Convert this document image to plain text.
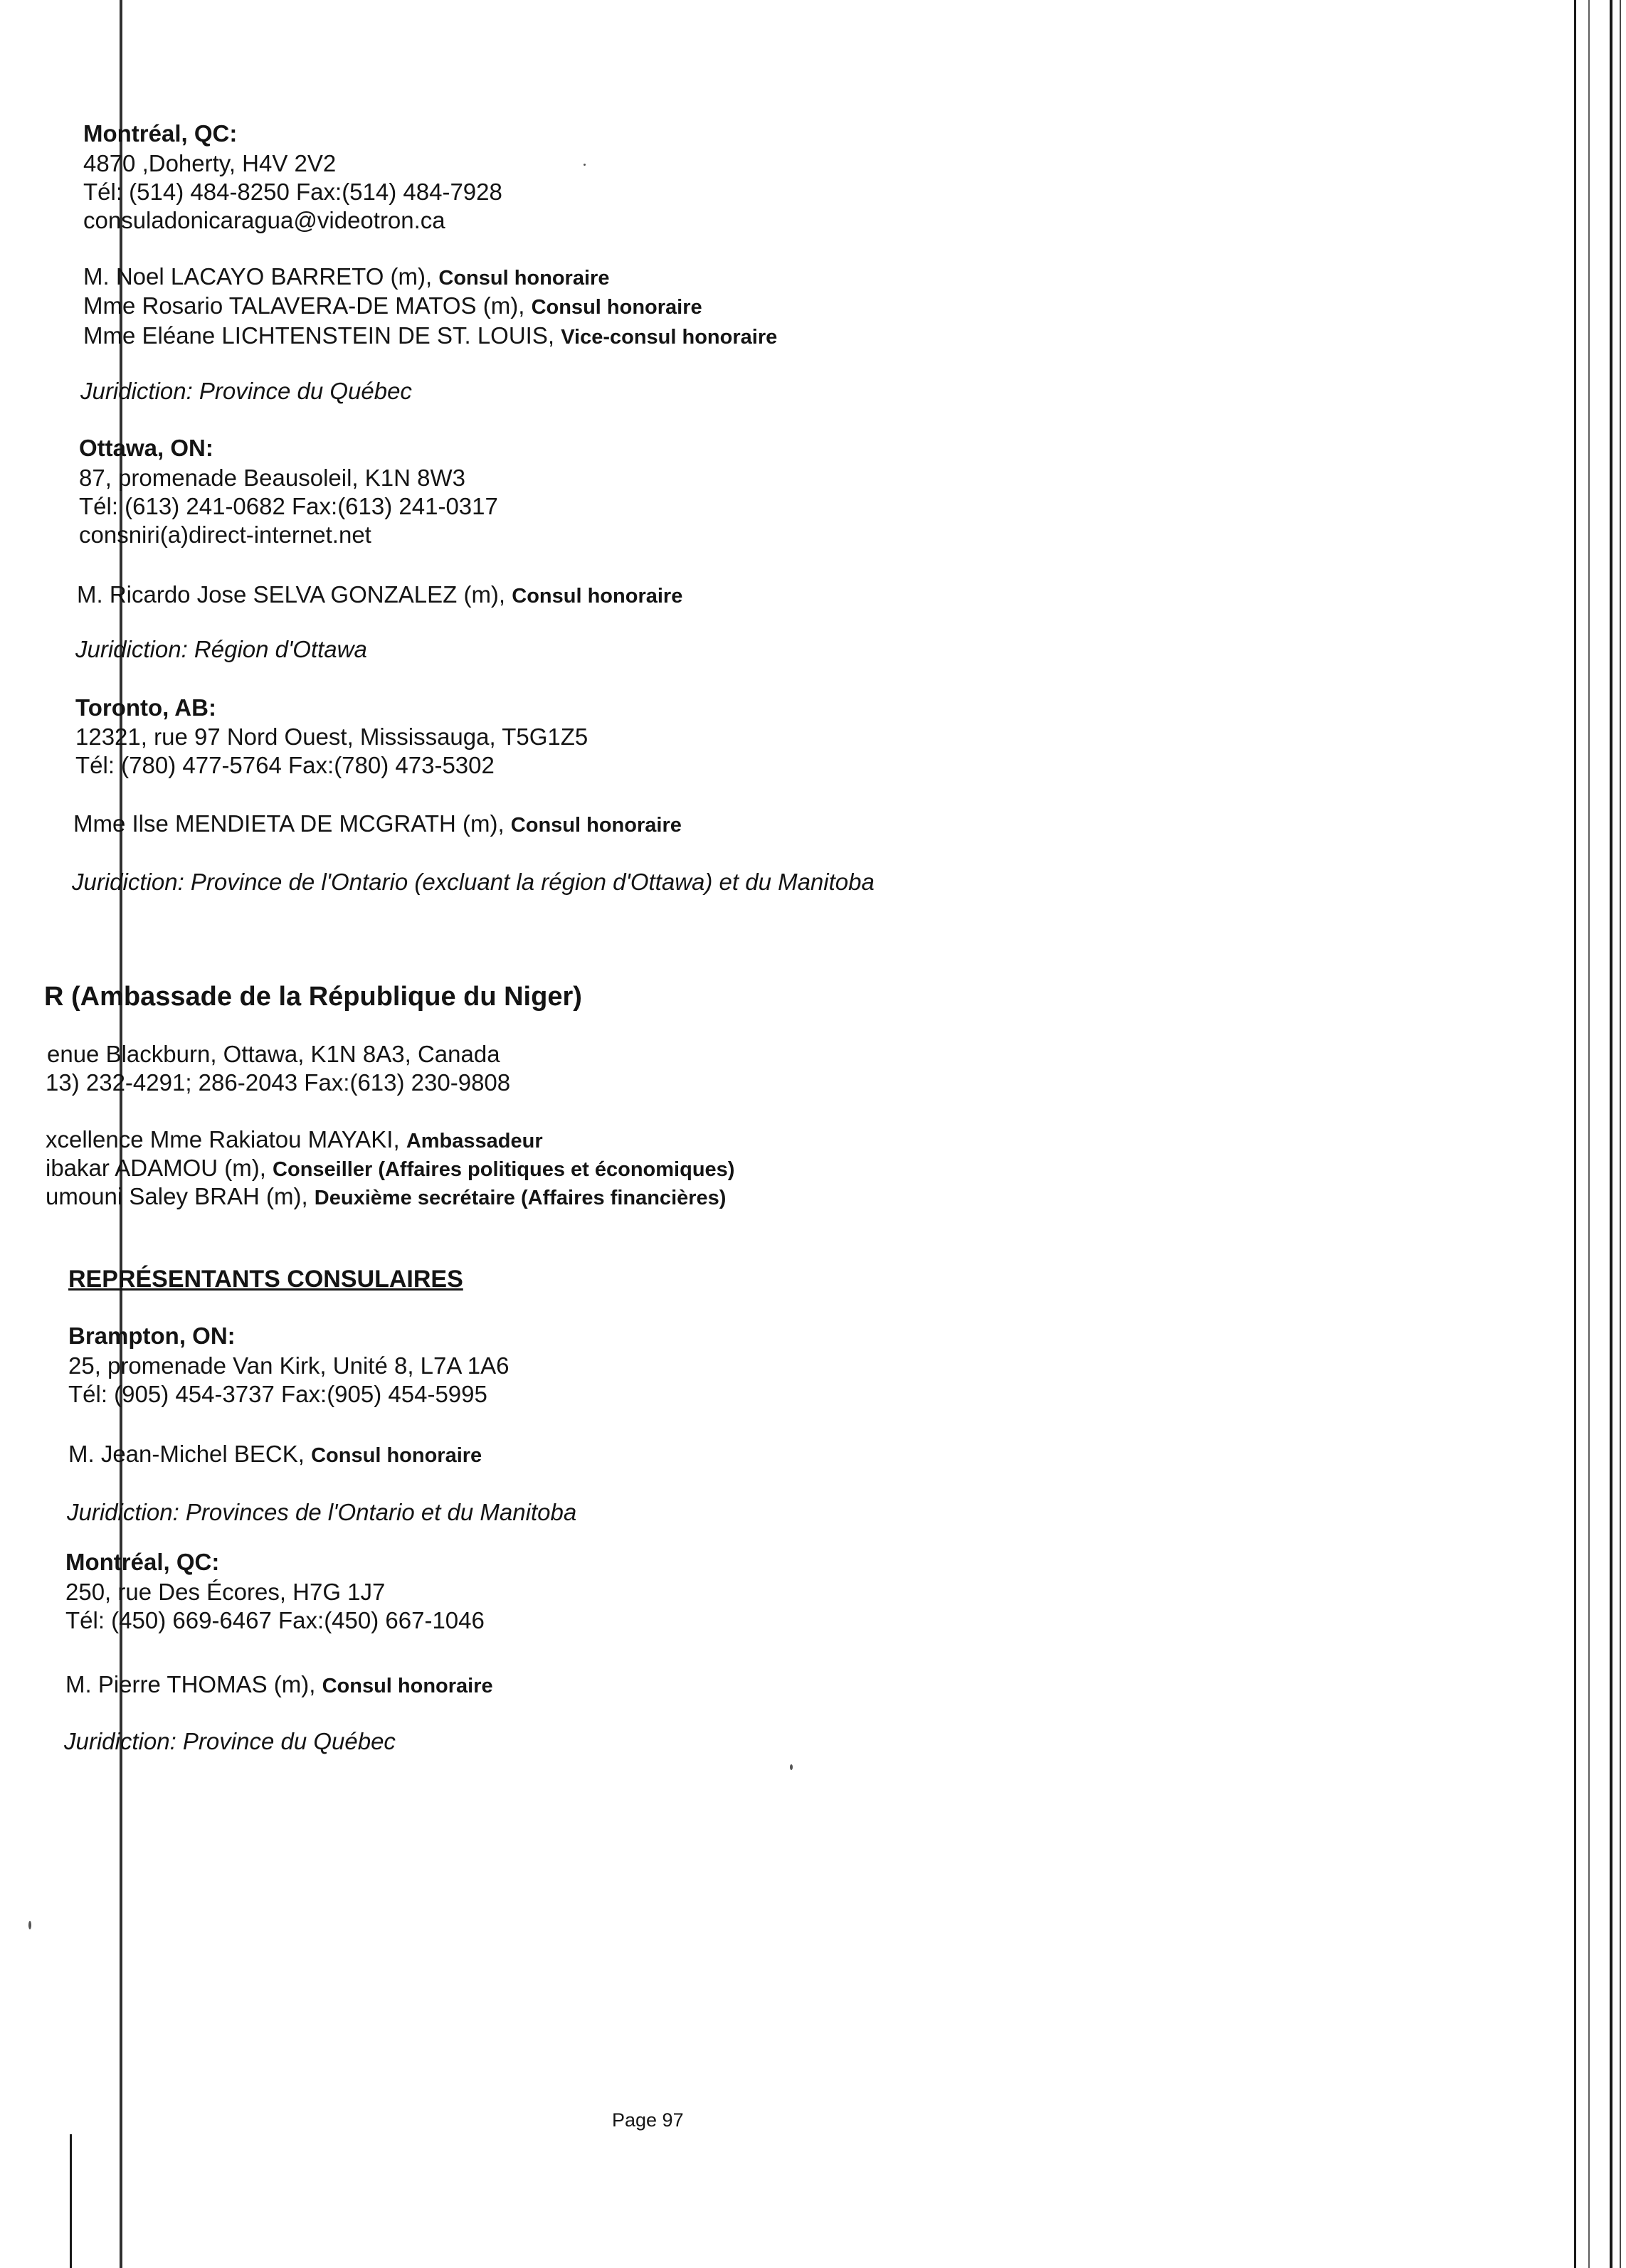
Montréal, QC:
4870 ,Doherty, H4V 2V2
Tél: (514) 484-8250 Fax:(514) 484-7928
consuladonicaragua@videotron.ca
M. Noel LACAYO BARRETO (m), Consul honoraire
Mme Rosario TALAVERA-DE MATOS (m), Consul honoraire
Mme Eléane LICHTENSTEIN DE ST. LOUIS, Vice-consul honoraire
Juridiction: Province du Québec
Ottawa, ON:
87, promenade Beausoleil, K1N 8W3
Tél: (613) 241-0682 Fax:(613) 241-0317
consniri(a)direct-internet.net
M. Ricardo Jose SELVA GONZALEZ (m), Consul honoraire
Juridiction: Région d'Ottawa
Toronto, AB:
12321, rue 97 Nord Ouest, Mississauga, T5G1Z5
Tél: (780) 477-5764 Fax:(780) 473-5302
Mme Ilse MENDIETA DE MCGRATH (m), Consul honoraire
Juridiction: Province de l'Ontario (excluant la région d'Ottawa) et du Manitoba
R (Ambassade de la République du Niger)
enue Blackburn, Ottawa, K1N 8A3, Canada
13) 232-4291; 286-2043 Fax:(613) 230-9808
xcellence Mme Rakiatou MAYAKI, Ambassadeur
ibakar ADAMOU (m), Conseiller (Affaires politiques et économiques)
umouni Saley BRAH (m), Deuxième secrétaire (Affaires financières)
REPRÉSENTANTS CONSULAIRES
Brampton, ON:
25, promenade Van Kirk, Unité 8, L7A 1A6
Tél: (905) 454-3737 Fax:(905) 454-5995
M. Jean-Michel BECK, Consul honoraire
Juridiction: Provinces de l'Ontario et du Manitoba
Montréal, QC:
250, rue Des Écores, H7G 1J7
Tél: (450) 669-6467 Fax:(450) 667-1046
M. Pierre THOMAS (m), Consul honoraire
Juridiction: Province du Québec
Page 97
